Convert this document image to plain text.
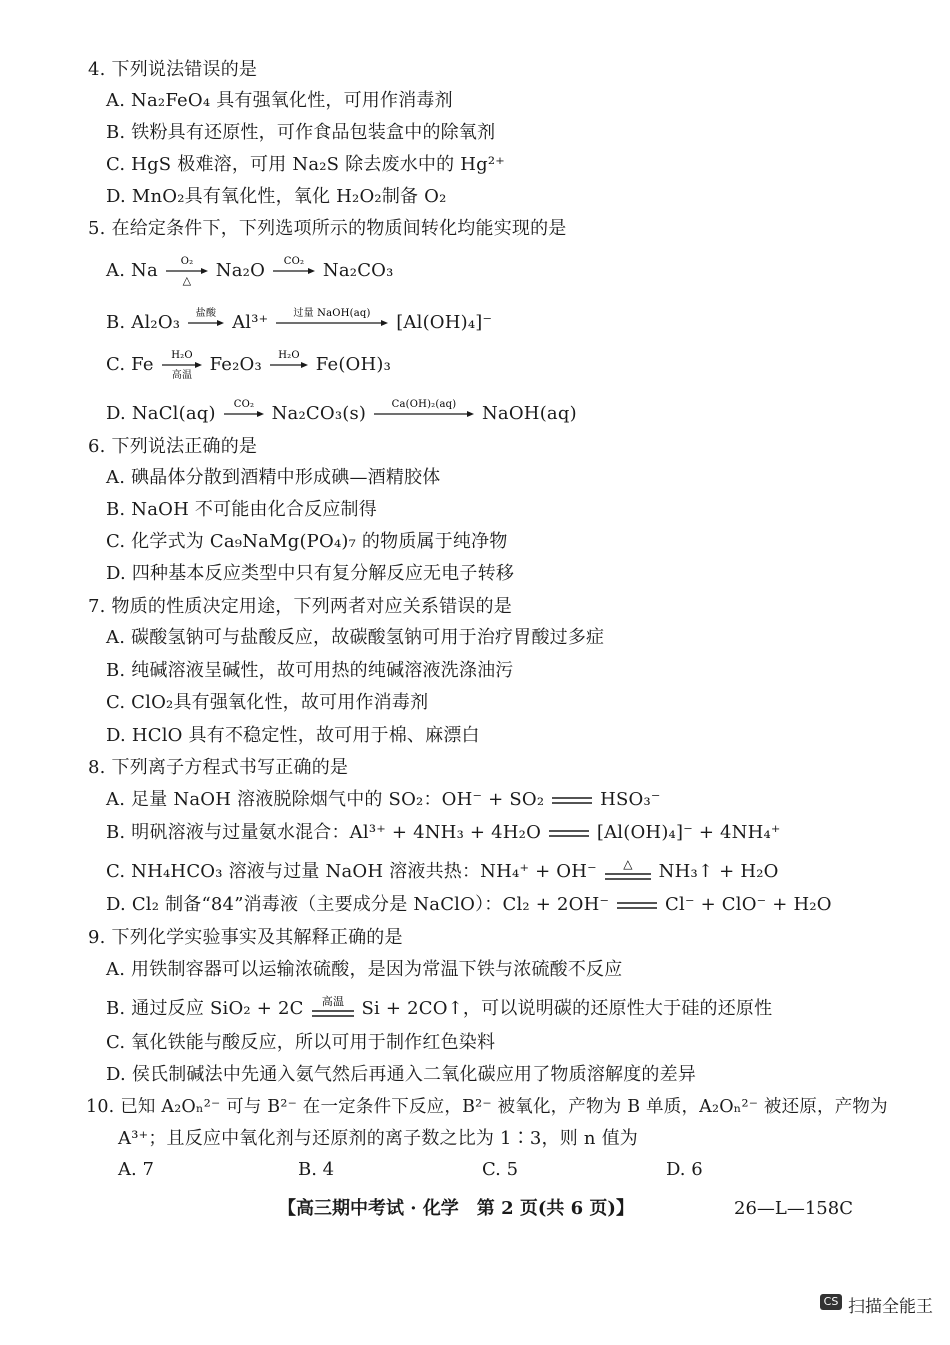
4. 下列说法错误的是
A. Na₂FeO₄ 具有强氧化性，可用作消毒剂
B. 铁粉具有还原性，可作食品包装盒中的除氧剂
C. HgS 极难溶，可用 Na₂S 除去废水中的 Hg²⁺
D. MnO₂具有氧化性，氧化 H₂O₂制备 O₂
5. 在给定条件下，下列选项所示的物质间转化均能实现的是
A. Na O₂
△ Na₂O CO₂ Na₂CO₃
B. Al₂O₃ 盐酸 Al³⁺	过量 NaOH(aq) [Al(OH)₄]⁻
C. Fe H₂O
高温
Fe₂O₃ H₂O Fe(OH)₃
D. NaCl(aq) CO₂ Na₂CO₃(s)	Ca(OH)₂(aq) NaOH(aq)
6. 下列说法正确的是
A. 碘晶体分散到酒精中形成碘—酒精胶体
B. NaOH 不可能由化合反应制得
C. 化学式为 Ca₉NaMg(PO₄)₇ 的物质属于纯净物
D. 四种基本反应类型中只有复分解反应无电子转移
7. 物质的性质决定用途，下列两者对应关系错误的是
A. 碳酸氢钠可与盐酸反应，故碳酸氢钠可用于治疗胃酸过多症
B. 纯碱溶液呈碱性，故可用热的纯碱溶液洗涤油污
C. ClO₂具有强氧化性，故可用作消毒剂
D. HClO 具有不稳定性，故可用于棉、麻漂白
8. 下列离子方程式书写正确的是
A. 足量 NaOH 溶液脱除烟气中的 SO₂：OH⁻ + SO₂  HSO₃⁻
B. 明矾溶液与过量氨水混合：Al³⁺ + 4NH₃ + 4H₂O  [Al(OH)₄]⁻ + 4NH₄⁺
C. NH₄HCO₃ 溶液与过量 NaOH 溶液共热：NH₄⁺ + OH⁻ △ NH₃↑ + H₂O
D. Cl₂ 制备“84”消毒液（主要成分是 NaClO）：Cl₂ + 2OH⁻  Cl⁻ + ClO⁻ + H₂O
9. 下列化学实验事实及其解释正确的是
A. 用铁制容器可以运输浓硫酸，是因为常温下铁与浓硫酸不反应
B. 通过反应 SiO₂ + 2C 高温 Si + 2CO↑，可以说明碳的还原性大于硅的还原性
C. 氧化铁能与酸反应，所以可用于制作红色染料
D. 侯氏制碱法中先通入氨气然后再通入二氧化碳应用了物质溶解度的差异
10. 已知 A₂Oₙ²⁻ 可与 B²⁻ 在一定条件下反应，B²⁻ 被氧化，产物为 B 单质，A₂Oₙ²⁻ 被还原，产物为
A³⁺；且反应中氧化剂与还原剂的离子数之比为 1∶3，则 n 值为
A. 7	B. 4	C. 5	D. 6
【高三期中考试 · 化学　第 2 页(共 6 页)】	26—L—158C
CS 扫描全能王
